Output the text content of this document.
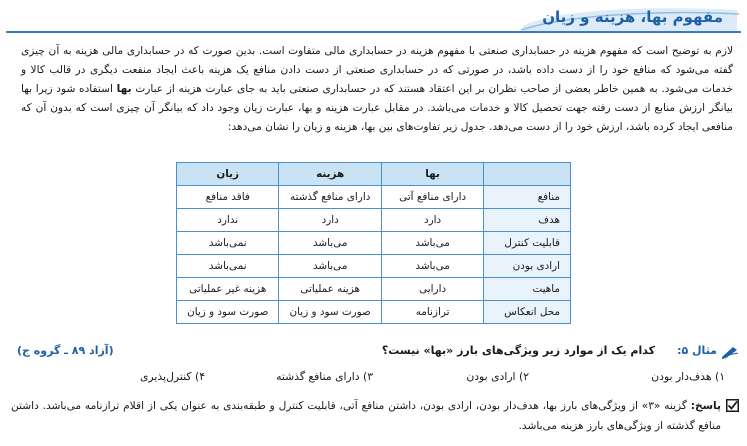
مفهوم بها، هزینه و زیان

لازم به توضیح است که مفهوم هزینه در حسابداری صنعتی با مفهوم هزینه در حسابداری مالی متفاوت است. بدین صورت که در حسابداری مالی هزینه به آن چیزی گفته می‌شود که منافع خود را از دست داده باشد، در صورتی که در حسابداری صنعتی از دست دادن منافع یک هزینه باعث ایجاد منفعت دیگری در قالب کالا و خدمات می‌شود. به همین خاطر بعضی از صاحب نظران بر این اعتقاد هستند که در حسابداری صنعتی باید به جای عبارت هزینه از عبارت بها استفاده شود زیرا بها بیانگر ارزش منابع از دست رفته جهت تحصیل کالا و خدمات می‌باشد. در مقابل عبارت هزینه و بها، عبارت زیان وجود داد که بیانگر آن چیزی است که بدون آن که منافعی ایجاد کرده باشد، ارزش خود را از دست می‌دهد. جدول زیر تفاوت‌های بین بها، هزینه و زیان را نشان می‌دهد:

	بها	هزینه	زیان
منافع	دارای منافع آتی	دارای منافع گذشته	فاقد منافع
هدف	دارد	دارد	ندارد
قابلیت کنترل	می‌باشد	می‌باشد	نمی‌باشد
ارادی بودن	می‌باشد	می‌باشد	نمی‌باشد
ماهیت	دارایی	هزینه عملیاتی	هزینه غیر عملیاتی
محل انعکاس	ترازنامه	صورت سود و زیان	صورت سود و زیان
مثال ۵:
کدام یک از موارد زیر ویژگی‌های بارز «بها» نیست؟
(آزاد ۸۹ ـ گروه ج)
۱) هدف‌دار بودن
۲) ارادی بودن
۳) دارای منافع گذشته
۴) کنترل‌پذیری
پاسخ: گزینه «۳» از ویژگی‌های بارز بها، هدف‌دار بودن، ارادی بودن، داشتن منافع آتی، قابلیت کنترل و طبقه‌بندی به عنوان یکی از اقلام ترازنامه می‌باشد. داشتن منافع گذشته از ویژگی‌های بارز هزینه می‌باشد.
